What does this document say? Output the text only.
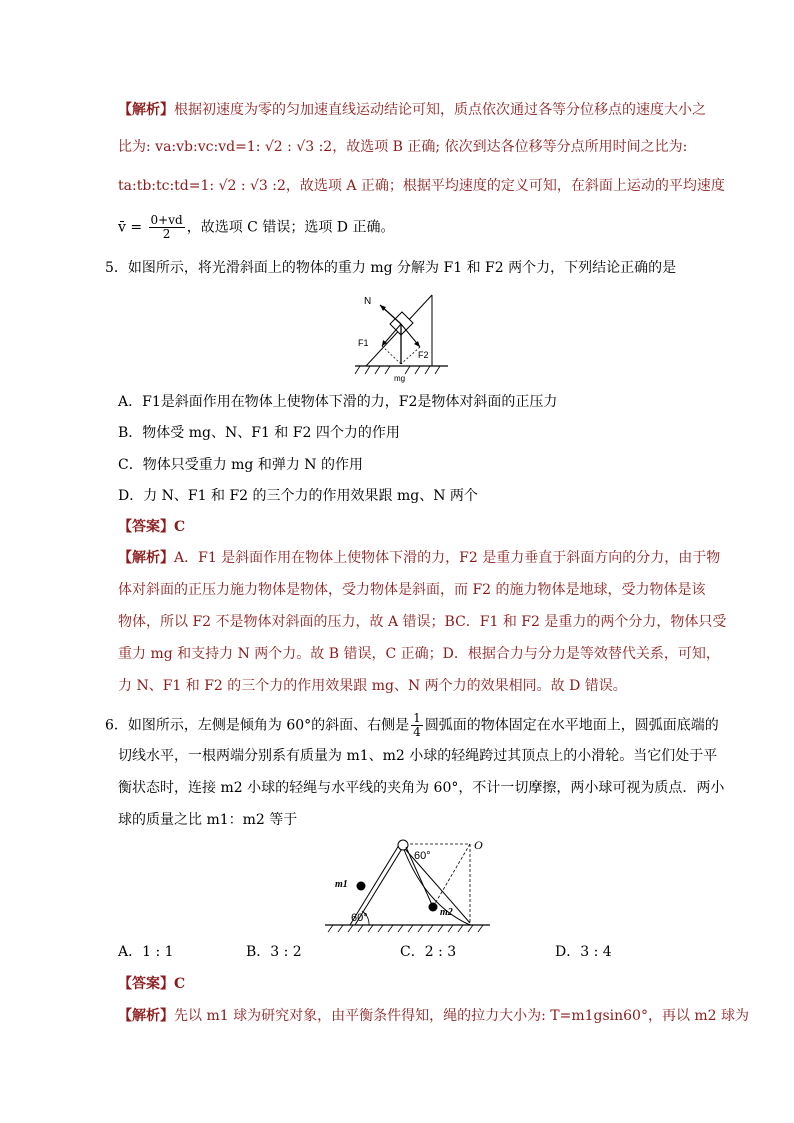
【解析】根据初速度为零的匀加速直线运动结论可知，质点依次通过各等分位移点的速度大小之
比为: va:vb:vc:vd=1: √2 : √3 :2，故选项 B 正确; 依次到达各位移等分点所用时间之比为:
ta:tb:tc:td=1: √2 : √3 :2，故选项 A 正确；根据平均速度的定义可知，在斜面上运动的平均速度
v̄ = $\frac{0+vd}{2}$ ，故选项 C 错误；选项 D 正确。
5．如图所示，将光滑斜面上的物体的重力 mg 分解为 F1 和 F2 两个力，下列结论正确的是
N
F1
F2
mg
A．F1是斜面作用在物体上使物体下滑的力，F2是物体对斜面的正压力
B．物体受 mg、N、F1 和 F2 四个力的作用
C．物体只受重力 mg 和弹力 N 的作用
D．力 N、F1 和 F2 的三个力的作用效果跟 mg、N 两个
【答案】C
【解析】A．F1 是斜面作用在物体上使物体下滑的力，F2 是重力垂直于斜面方向的分力，由于物
体对斜面的正压力施力物体是物体，受力物体是斜面，而 F2 的施力物体是地球，受力物体是该
物体，所以 F2 不是物体对斜面的压力，故 A 错误；BC．F1 和 F2 是重力的两个分力，物体只受
重力 mg 和支持力 N 两个力。故 B 错误，C 正确；D．根据合力与分力是等效替代关系，可知，
力 N、F1 和 F2 的三个力的作用效果跟 mg、N 两个力的效果相同。故 D 错误。
6．如图所示，左侧是倾角为 60°的斜面、右侧是 $\frac{1}{4}$ 圆弧面的物体固定在水平地面上，圆弧面底端的
切线水平，一根两端分别系有质量为 m1、m2 小球的轻绳跨过其顶点上的小滑轮。当它们处于平
衡状态时，连接 m2 小球的轻绳与水平线的夹角为 60°，不计一切摩擦，两小球可视为质点．两小
球的质量之比 m1：m2 等于
60°
O
m1
m2
60°
A．1 : 1	B．3 : 2	C．2 : 3	D．3 : 4
【答案】C
【解析】先以 m1 球为研究对象，由平衡条件得知，绳的拉力大小为: T=m1gsin60°，再以 m2 球为
